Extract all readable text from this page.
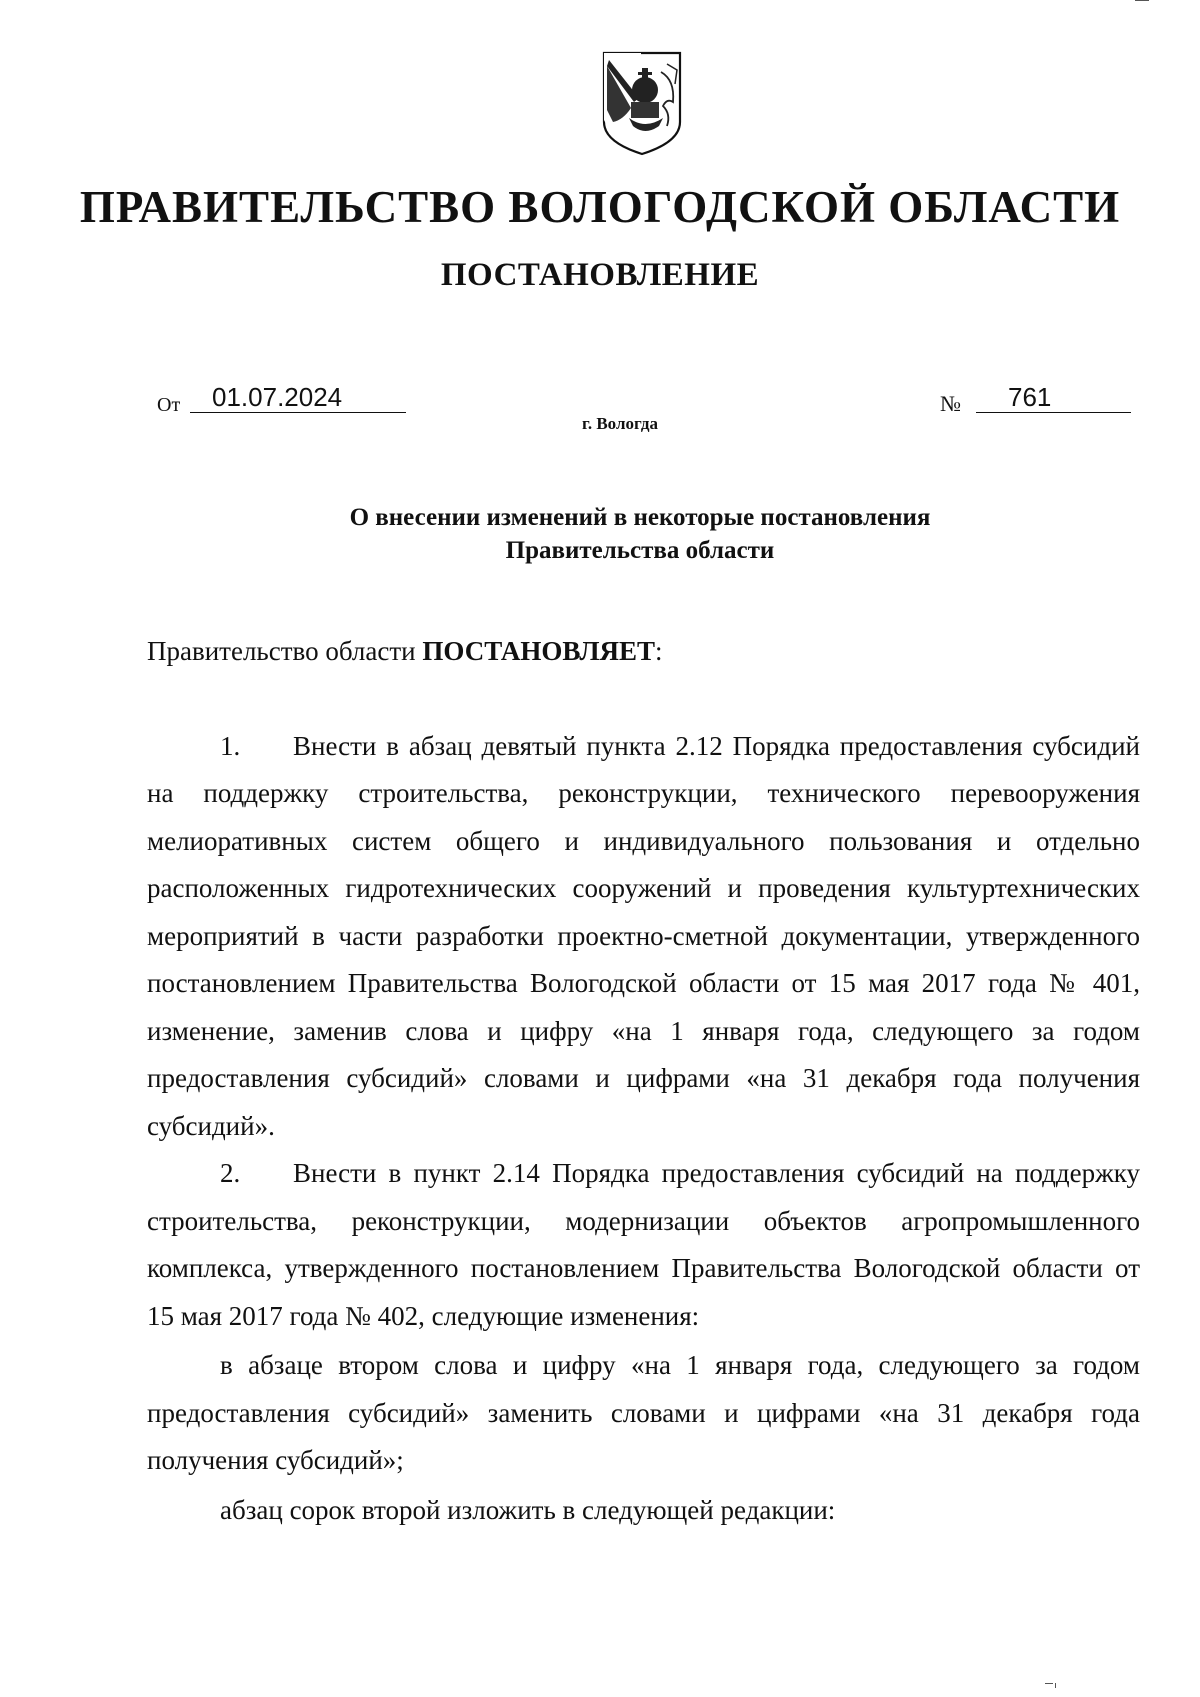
ПРАВИТЕЛЬСТВО ВОЛОГОДСКОЙ ОБЛАСТИ
ПОСТАНОВЛЕНИЕ
От	01.07.2024	№	761
г. Вологда
О внесении изменений в некоторые постановления
Правительства области

Правительство области ПОСТАНОВЛЯЕТ:

1. Внести в абзац девятый пункта 2.12 Порядка предоставления субсидий на поддержку строительства, реконструкции, технического перевооружения мелиоративных систем общего и индивидуального пользования и отдельно расположенных гидротехнических сооружений и проведения культуртехнических мероприятий в части разработки проектно-сметной документации, утвержденного постановлением Правительства Вологодской области от 15 мая 2017 года № 401, изменение, заменив слова и цифру «на 1 января года, следующего за годом предоставления субсидий» словами и цифрами «на 31 декабря года получения субсидий».

2. Внести в пункт 2.14 Порядка предоставления субсидий на поддержку строительства, реконструкции, модернизации объектов агропромышленного комплекса, утвержденного постановлением Правительства Вологодской области от 15 мая 2017 года № 402, следующие изменения:

в абзаце втором слова и цифру «на 1 января года, следующего за годом предоставления субсидий» заменить словами и цифрами «на 31 декабря года получения субсидий»;

абзац сорок второй изложить в следующей редакции:
